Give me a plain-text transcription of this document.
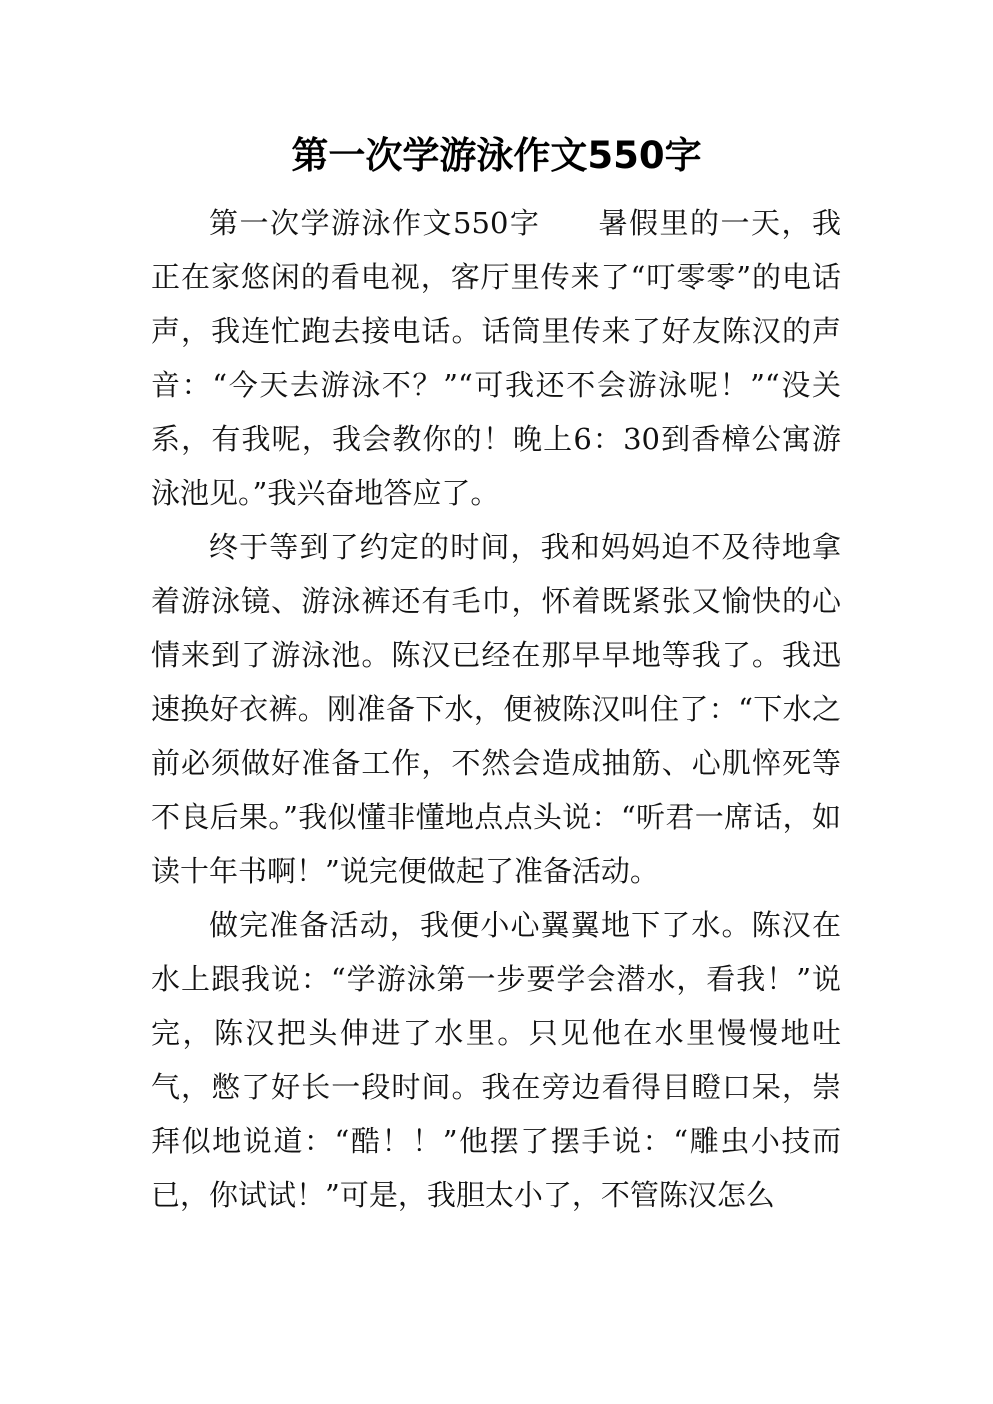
第一次学游泳作文550字

第一次学游泳作文550字 暑假里的一天，我正在家悠闲的看电视，客厅里传来了“叮零零”的电话声，我连忙跑去接电话。话筒里传来了好友陈汉的声音：“今天去游泳不？”“可我还不会游泳呢！”“没关系，有我呢，我会教你的！晚上6：30到香樟公寓游泳池见。”我兴奋地答应了。

终于等到了约定的时间，我和妈妈迫不及待地拿着游泳镜、游泳裤还有毛巾，怀着既紧张又愉快的心情来到了游泳池。陈汉已经在那早早地等我了。我迅速换好衣裤。刚准备下水，便被陈汉叫住了：“下水之前必须做好准备工作，不然会造成抽筋、心肌悴死等不良后果。”我似懂非懂地点点头说：“听君一席话，如读十年书啊！”说完便做起了准备活动。

做完准备活动，我便小心翼翼地下了水。陈汉在水上跟我说：“学游泳第一步要学会潜水，看我！”说完，陈汉把头伸进了水里。只见他在水里慢慢地吐气，憋了好长一段时间。我在旁边看得目瞪口呆，崇拜似地说道：“酷！！”他摆了摆手说：“雕虫小技而已，你试试！”可是，我胆太小了，不管陈汉怎么
